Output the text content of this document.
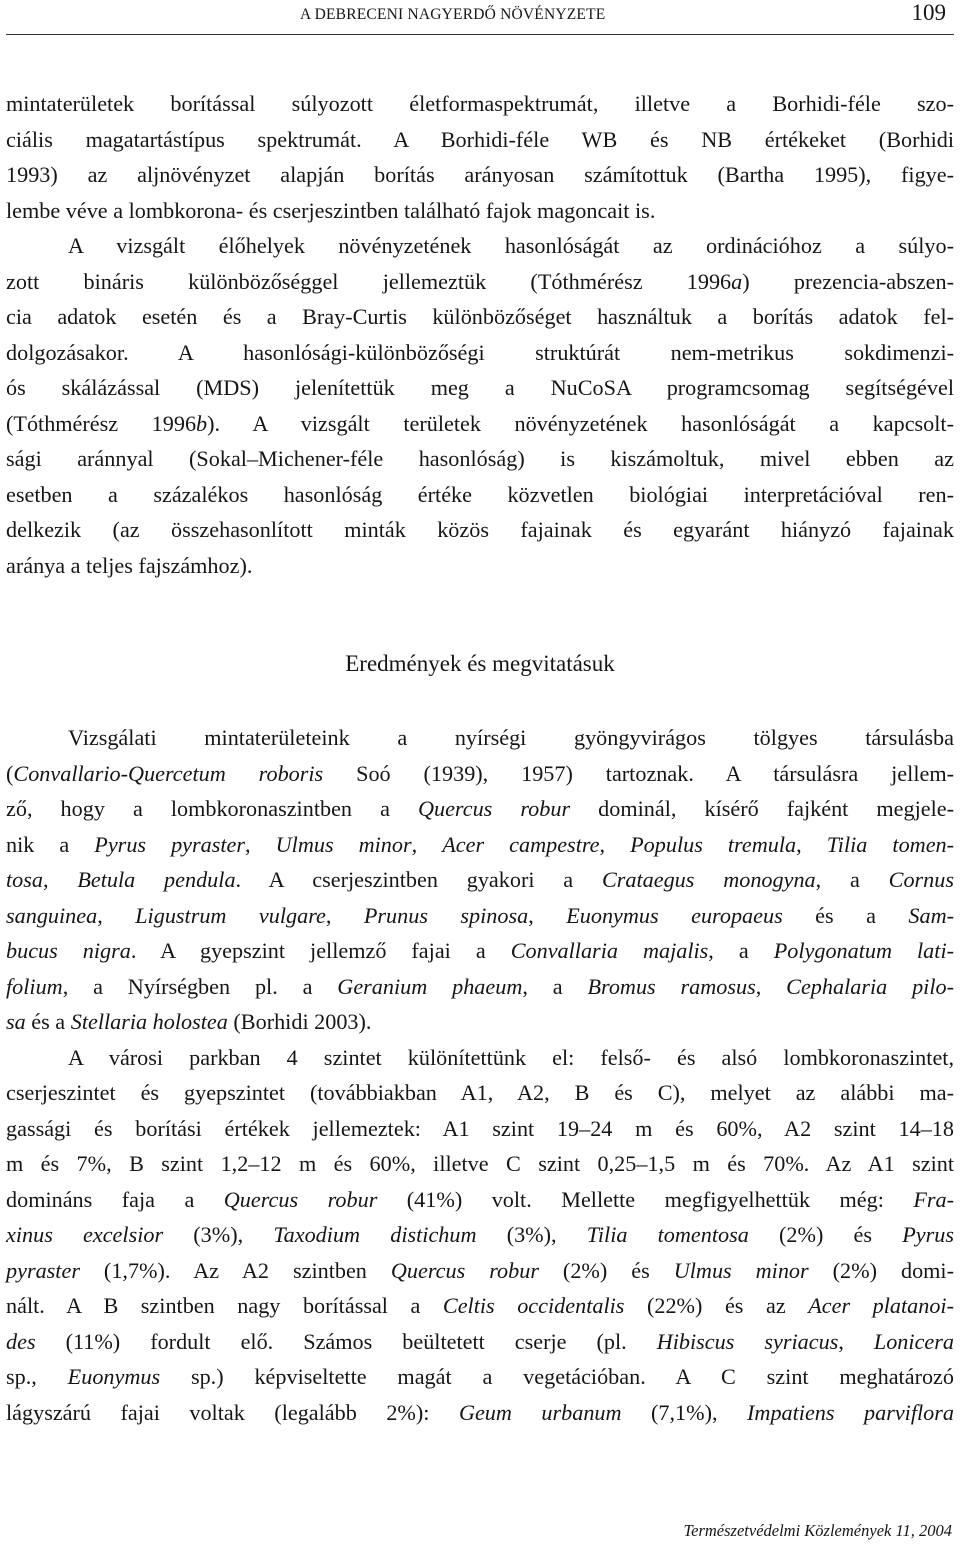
A DEBRECENI NAGYERDŐ NÖVÉNYZETE	109
mintaterületek borítással súlyozott életformaspektrumát, illetve a Borhidi-féle szo-
ciális magatartástípus spektrumát. A Borhidi-féle WB és NB értékeket (Borhidi
1993) az aljnövényzet alapján borítás arányosan számítottuk (Bartha 1995), figye-
lembe véve a lombkorona- és cserjeszintben található fajok magoncait is.
A vizsgált élőhelyek növényzetének hasonlóságát az ordinációhoz a súlyo-
zott bináris különbözőséggel jellemeztük (Tóthmérész 1996a) prezencia-abszen-
cia adatok esetén és a Bray-Curtis különbözőséget használtuk a borítás adatok fel-
dolgozásakor. A hasonlósági-különbözőségi struktúrát nem-metrikus sokdimenzi-
ós skálázással (MDS) jelenítettük meg a NuCoSA programcsomag segítségével
(Tóthmérész 1996b). A vizsgált területek növényzetének hasonlóságát a kapcsolt-
sági aránnyal (Sokal–Michener-féle hasonlóság) is kiszámoltuk, mivel ebben az
esetben a százalékos hasonlóság értéke közvetlen biológiai interpretációval ren-
delkezik (az összehasonlított minták közös fajainak és egyaránt hiányzó fajainak
aránya a teljes fajszámhoz).
Eredmények és megvitatásuk
Vizsgálati mintaterületeink a nyírségi gyöngyvirágos tölgyes társulásba
(Convallario-Quercetum roboris Soó (1939), 1957) tartoznak. A társulásra jellem-
ző, hogy a lombkoronaszintben a Quercus robur dominál, kísérő fajként megjele-
nik a Pyrus pyraster, Ulmus minor, Acer campestre, Populus tremula, Tilia tomen-
tosa, Betula pendula. A cserjeszintben gyakori a Crataegus monogyna, a Cornus
sanguinea, Ligustrum vulgare, Prunus spinosa, Euonymus europaeus és a Sam-
bucus nigra. A gyepszint jellemző fajai a Convallaria majalis, a Polygonatum lati-
folium, a Nyírségben pl. a Geranium phaeum, a Bromus ramosus, Cephalaria pilo-
sa és a Stellaria holostea (Borhidi 2003).
A városi parkban 4 szintet különítettünk el: felső- és alsó lombkoronaszintet,
cserjeszintet és gyepszintet (továbbiakban A1, A2, B és C), melyet az alábbi ma-
gassági és borítási értékek jellemeztek: A1 szint 19–24 m és 60%, A2 szint 14–18
m és 7%, B szint 1,2–12 m és 60%, illetve C szint 0,25–1,5 m és 70%. Az A1 szint
domináns faja a Quercus robur (41%) volt. Mellette megfigyelhettük még: Fra-
xinus excelsior (3%), Taxodium distichum (3%), Tilia tomentosa (2%) és Pyrus
pyraster (1,7%). Az A2 szintben Quercus robur (2%) és Ulmus minor (2%) domi-
nált. A B szintben nagy borítással a Celtis occidentalis (22%) és az Acer platanoi-
des (11%) fordult elő. Számos beültetett cserje (pl. Hibiscus syriacus, Lonicera
sp., Euonymus sp.) képviseltette magát a vegetációban. A C szint meghatározó
lágyszárú fajai voltak (legalább 2%): Geum urbanum (7,1%), Impatiens parviflora
Természetvédelmi Közlemények 11, 2004
